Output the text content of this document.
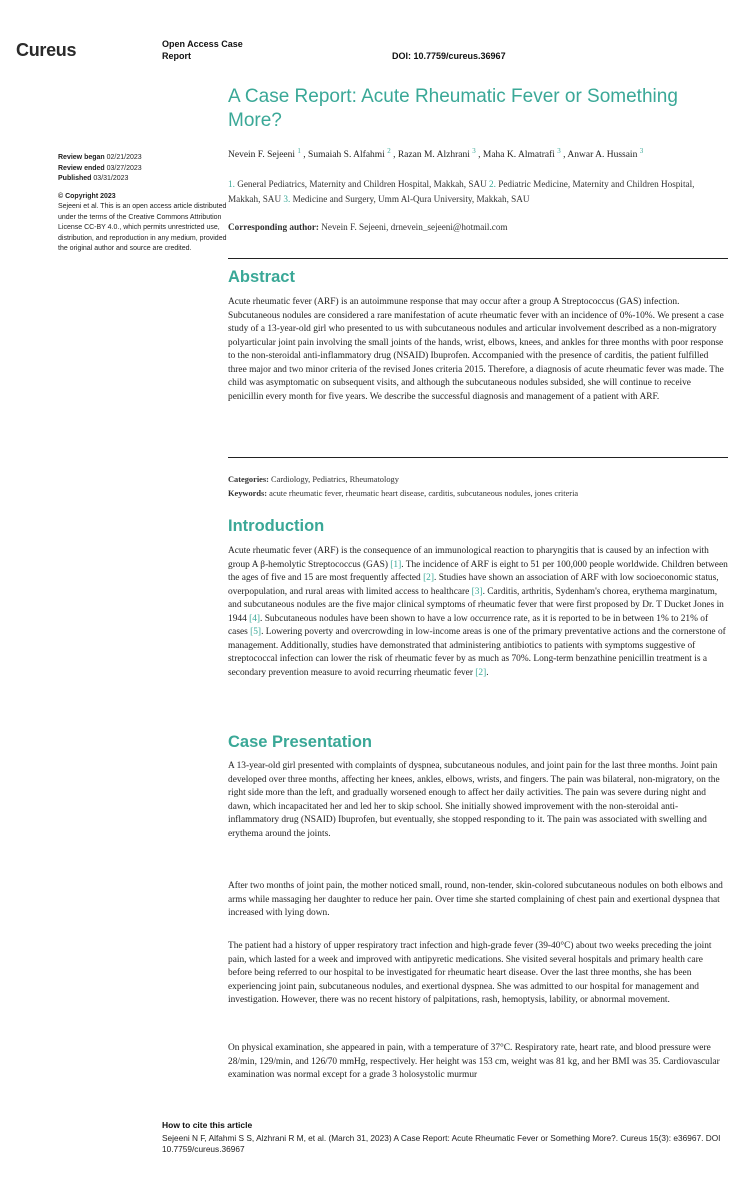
Cureus	Open Access Case
Report	DOI: 10.7759/cureus.36967
A Case Report: Acute Rheumatic Fever or Something More?
Nevein F. Sejeeni $^1$ , Sumaiah S. Alfahmi $^2$ , Razan M. Alzhrani $^3$ , Maha K. Almatrafi $^3$ , Anwar A. Hussain $^3$
1. General Pediatrics, Maternity and Children Hospital, Makkah, SAU 2. Pediatric Medicine, Maternity and Children Hospital, Makkah, SAU 3. Medicine and Surgery, Umm Al-Qura University, Makkah, SAU
Corresponding author: Nevein F. Sejeeni, drnevein_sejeeni@hotmail.com
Review began 02/21/2023
Review ended 03/27/2023
Published 03/31/2023
© Copyright 2023
Sejeeni et al. This is an open access article distributed under the terms of the Creative Commons Attribution License CC-BY 4.0., which permits unrestricted use, distribution, and reproduction in any medium, provided the original author and source are credited.
Abstract

Acute rheumatic fever (ARF) is an autoimmune response that may occur after a group A Streptococcus (GAS) infection. Subcutaneous nodules are considered a rare manifestation of acute rheumatic fever with an incidence of 0%-10%. We present a case study of a 13-year-old girl who presented to us with subcutaneous nodules and articular involvement described as a non-migratory polyarticular joint pain involving the small joints of the hands, wrist, elbows, knees, and ankles for three months with poor response to the non-steroidal anti-inflammatory drug (NSAID) Ibuprofen. Accompanied with the presence of carditis, the patient fulfilled three major and two minor criteria of the revised Jones criteria 2015. Therefore, a diagnosis of acute rheumatic fever was made. The child was asymptomatic on subsequent visits, and although the subcutaneous nodules subsided, she will continue to receive penicillin every month for five years. We describe the successful diagnosis and management of a patient with ARF.

Categories: Cardiology, Pediatrics, Rheumatology
Keywords: acute rheumatic fever, rheumatic heart disease, carditis, subcutaneous nodules, jones criteria
Introduction

Acute rheumatic fever (ARF) is the consequence of an immunological reaction to pharyngitis that is caused by an infection with group A β-hemolytic Streptococcus (GAS) [1]. The incidence of ARF is eight to 51 per 100,000 people worldwide. Children between the ages of five and 15 are most frequently affected [2]. Studies have shown an association of ARF with low socioeconomic status, overpopulation, and rural areas with limited access to healthcare [3]. Carditis, arthritis, Sydenham's chorea, erythema marginatum, and subcutaneous nodules are the five major clinical symptoms of rheumatic fever that were first proposed by Dr. T Ducket Jones in 1944 [4]. Subcutaneous nodules have been shown to have a low occurrence rate, as it is reported to be in between 1% to 21% of cases [5]. Lowering poverty and overcrowding in low-income areas is one of the primary preventative actions and the cornerstone of management. Additionally, studies have demonstrated that administering antibiotics to patients with symptoms suggestive of streptococcal infection can lower the risk of rheumatic fever by as much as 70%. Long-term benzathine penicillin treatment is a secondary prevention measure to avoid recurring rheumatic fever [2].

Case Presentation

A 13-year-old girl presented with complaints of dyspnea, subcutaneous nodules, and joint pain for the last three months. Joint pain developed over three months, affecting her knees, ankles, elbows, wrists, and fingers. The pain was bilateral, non-migratory, on the right side more than the left, and gradually worsened enough to affect her daily activities. The pain was severe during night and dawn, which incapacitated her and led her to skip school. She initially showed improvement with the non-steroidal anti-inflammatory drug (NSAID) Ibuprofen, but eventually, she stopped responding to it. The pain was associated with swelling and erythema around the joints.

After two months of joint pain, the mother noticed small, round, non-tender, skin-colored subcutaneous nodules on both elbows and arms while massaging her daughter to reduce her pain. Over time she started complaining of chest pain and exertional dyspnea that increased with lying down.

The patient had a history of upper respiratory tract infection and high-grade fever (39-40°C) about two weeks preceding the joint pain, which lasted for a week and improved with antipyretic medications. She visited several hospitals and primary health care before being referred to our hospital to be investigated for rheumatic heart disease. Over the last three months, she has been experiencing joint pain, subcutaneous nodules, and exertional dyspnea. She was admitted to our hospital for management and investigation. However, there was no recent history of palpitations, rash, hemoptysis, lability, or abnormal movement.

On physical examination, she appeared in pain, with a temperature of 37°C. Respiratory rate, heart rate, and blood pressure were 28/min, 129/min, and 126/70 mmHg, respectively. Her height was 153 cm, weight was 81 kg, and her BMI was 35. Cardiovascular examination was normal except for a grade 3 holosystolic murmur

How to cite this article
Sejeeni N F, Alfahmi S S, Alzhrani R M, et al. (March 31, 2023) A Case Report: Acute Rheumatic Fever or Something More?. Cureus 15(3): e36967. DOI 10.7759/cureus.36967
